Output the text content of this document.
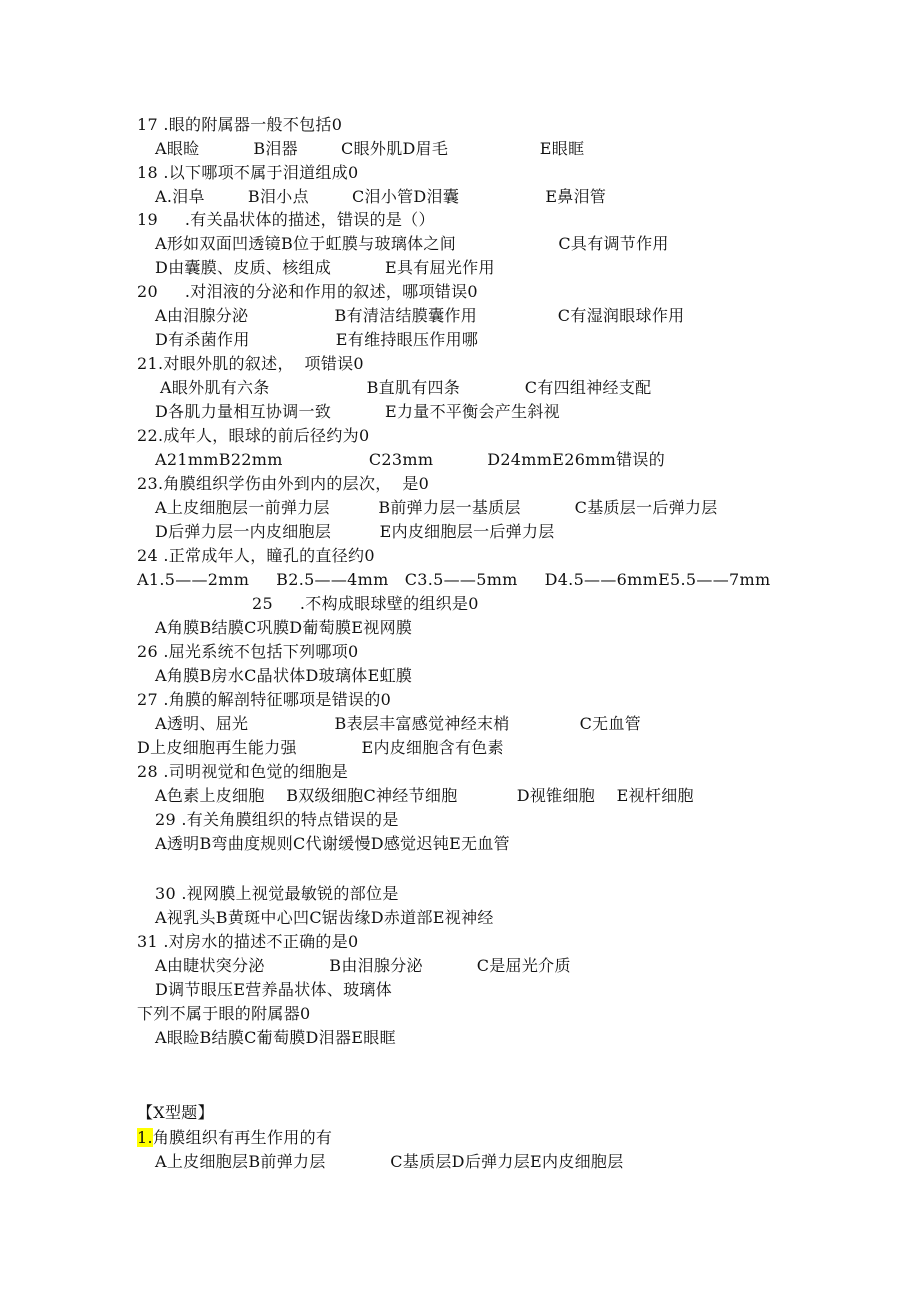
17 .眼的附属器一般不包括0
A眼睑          B泪器        C眼外肌D眉毛                 E眼眶
18 .以下哪项不属于泪道组成0
A.泪阜        B泪小点        C泪小管D泪囊                E鼻泪管
19     .有关晶状体的描述，错误的是（）
A形如双面凹透镜B位于虹膜与玻璃体之间                   C具有调节作用
D由囊膜、皮质、核组成          E具有屈光作用
20     .对泪液的分泌和作用的叙述，哪项错误0
A由泪腺分泌                B有清洁结膜囊作用               C有湿润眼球作用
D有杀菌作用                E有维持眼压作用哪
21.对眼外肌的叙述，  项错误0
A眼外肌有六条                  B直肌有四条            C有四组神经支配
D各肌力量相互协调一致          E力量不平衡会产生斜视
22.成年人，眼球的前后径约为0
A21mmB22mm                C23mm          D24mmE26mm错误的
23.角膜组织学伤由外到内的层次，  是0
A上皮细胞层一前弹力层         B前弹力层一基质层          C基质层一后弹力层
D后弹力层一内皮细胞层         E内皮细胞层一后弹力层
24 .正常成年人，瞳孔的直径约0
A1.5——2mm     B2.5——4mm   C3.5——5mm     D4.5——6mmE5.5——7mm
25     .不构成眼球壁的组织是0
A角膜B结膜C巩膜D葡萄膜E视网膜
26 .屈光系统不包括下列哪项0
A角膜B房水C晶状体D玻璃体E虹膜
27 .角膜的解剖特征哪项是错误的0
A透明、屈光                B表层丰富感觉神经末梢             C无血管
D上皮细胞再生能力强            E内皮细胞含有色素
28 .司明视觉和色觉的细胞是
A色素上皮细胞    B双级细胞C神经节细胞           D视锥细胞    E视杆细胞
29 .有关角膜组织的特点错误的是
A透明B弯曲度规则C代谢缓慢D感觉迟钝E无血管
30 .视网膜上视觉最敏锐的部位是
A视乳头B黄斑中心凹C锯齿缘D赤道部E视神经
31 .对房水的描述不正确的是0
A由睫状突分泌            B由泪腺分泌          C是屈光介质
D调节眼压E营养晶状体、玻璃体
下列不属于眼的附属器0
A眼睑B结膜C葡萄膜D泪器E眼眶
【X型题】
1.角膜组织有再生作用的有
A上皮细胞层B前弹力层            C基质层D后弹力层E内皮细胞层
